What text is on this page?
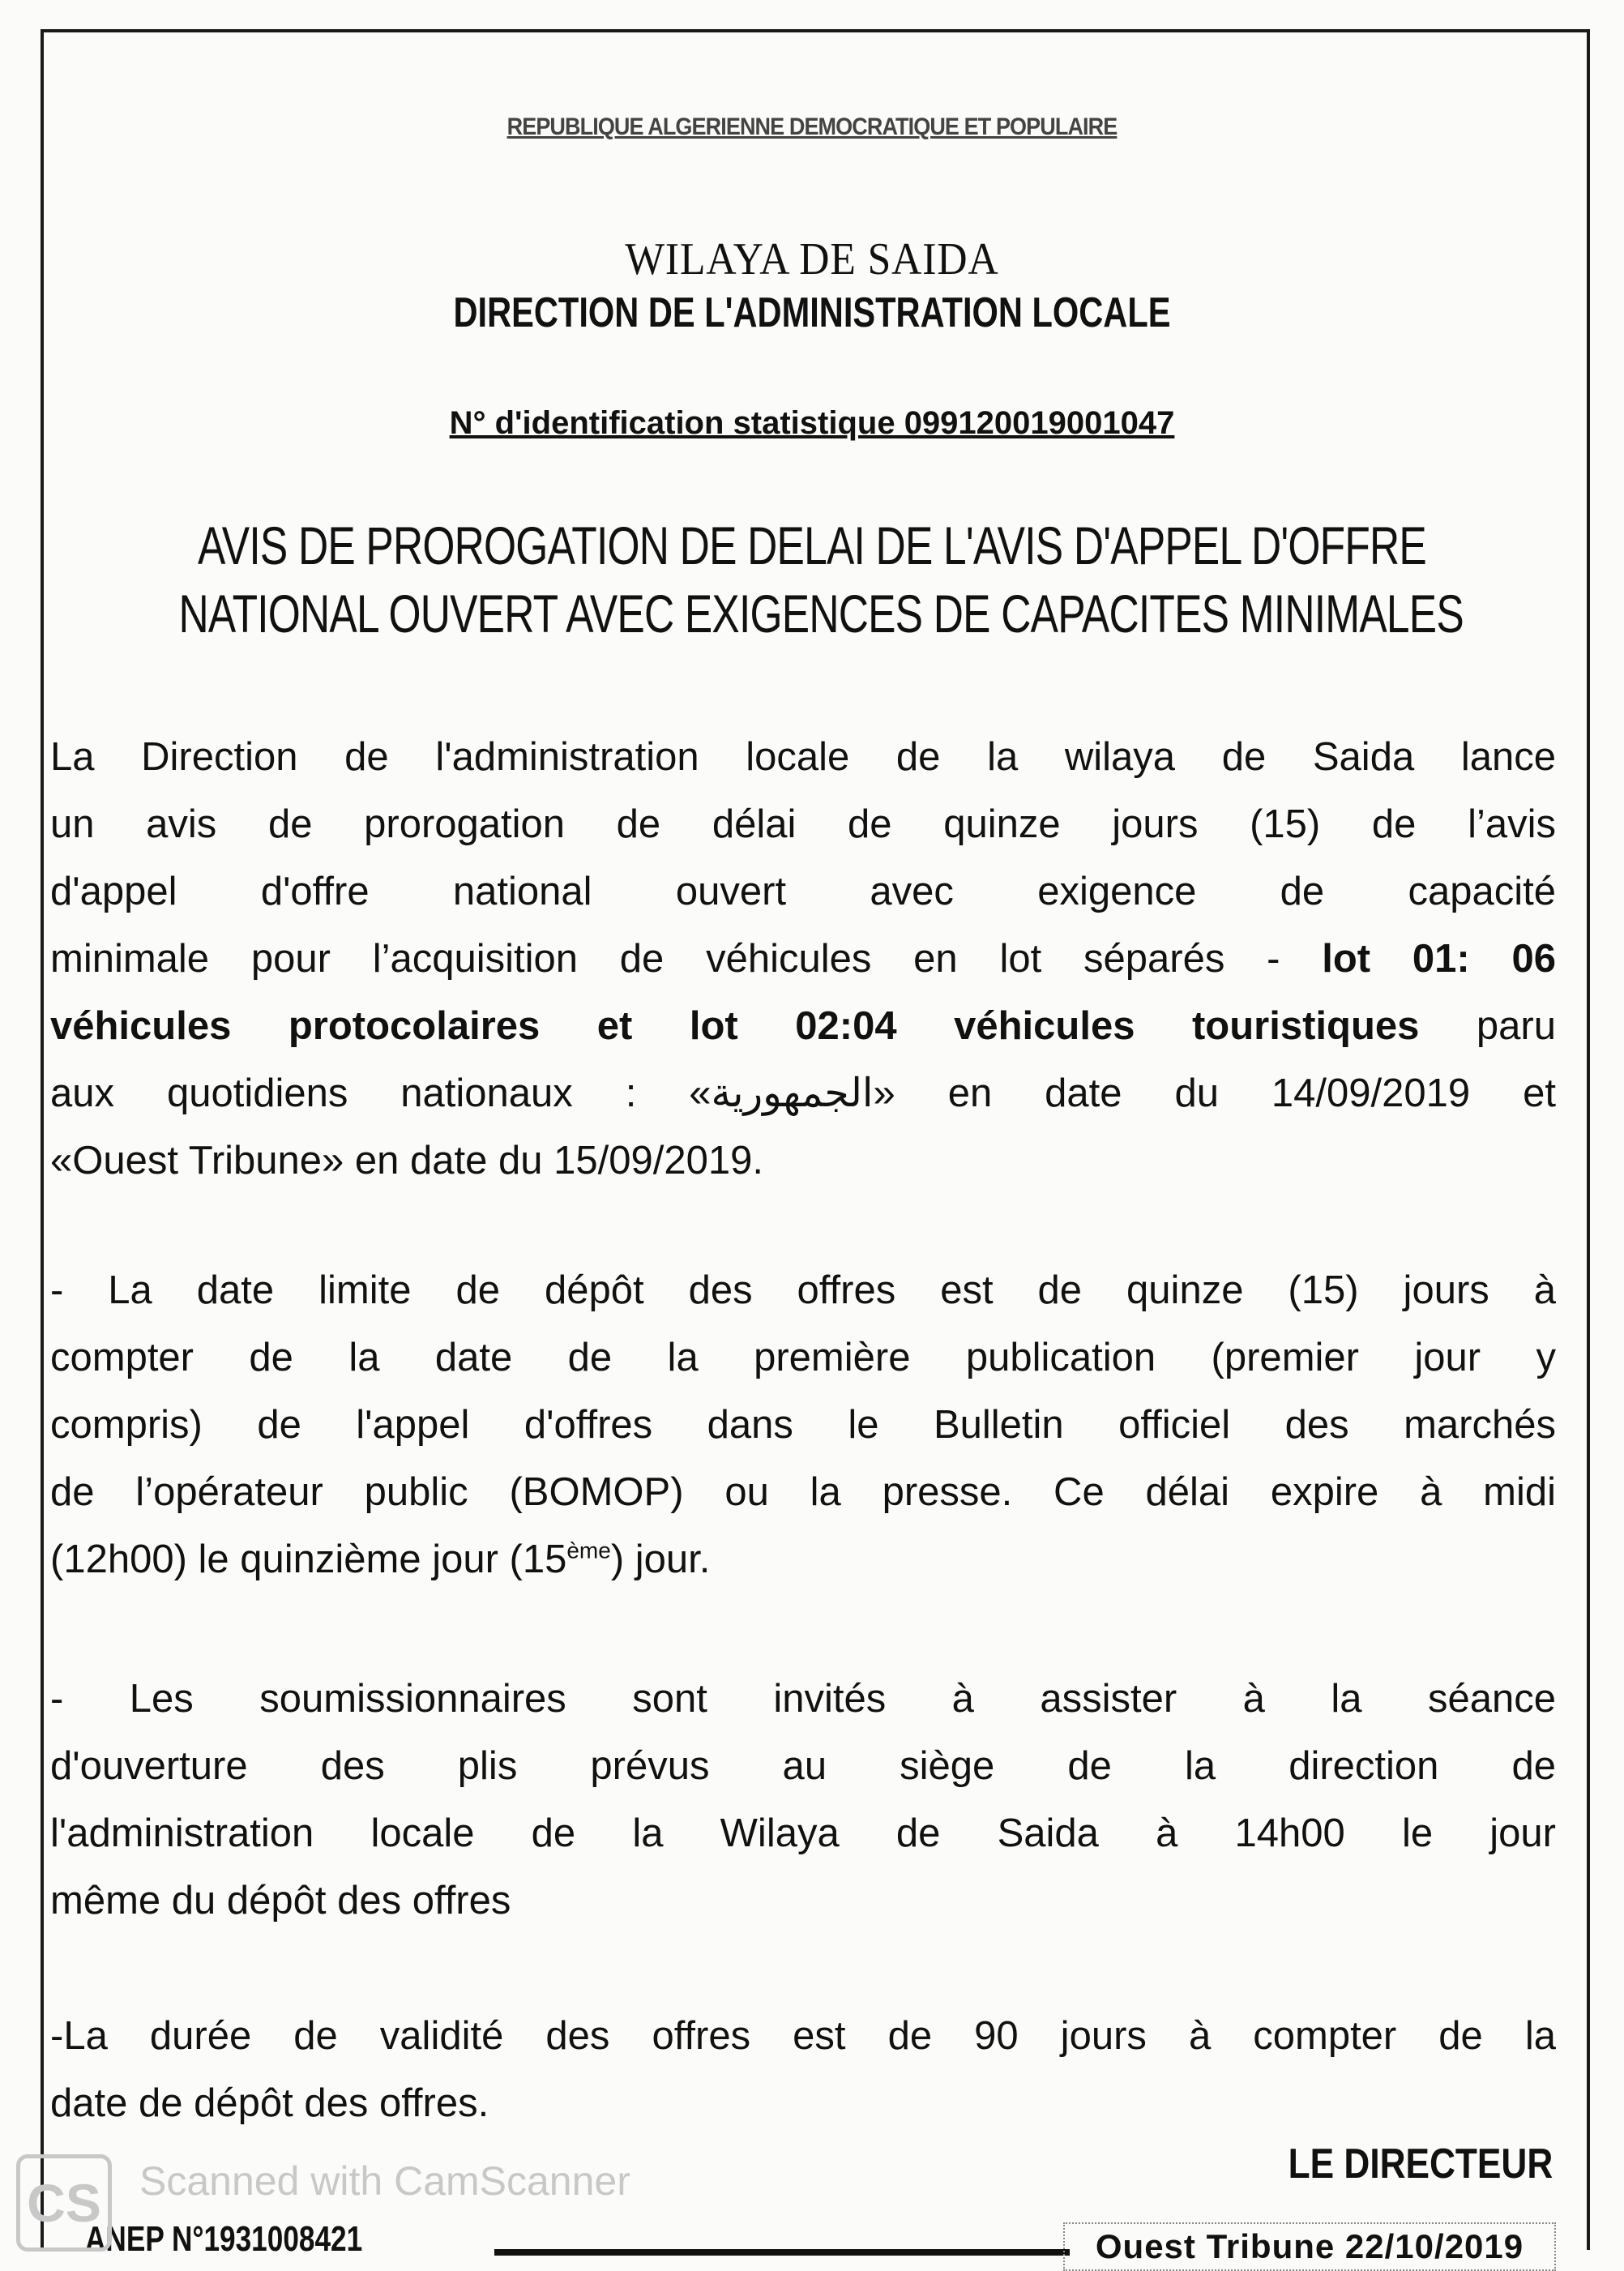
REPUBLIQUE ALGERIENNE DEMOCRATIQUE ET POPULAIRE
WILAYA DE SAIDA
DIRECTION DE L'ADMINISTRATION LOCALE
N° d'identification statistique 099120019001047
AVIS DE PROROGATION DE DELAI DE L'AVIS D'APPEL D'OFFRE
NATIONAL OUVERT AVEC EXIGENCES DE CAPACITES MINIMALES
La Direction de l'administration locale de la wilaya de Saida lance
un avis de prorogation de délai de quinze jours (15) de l’avis
d'appel d'offre national ouvert avec exigence de capacité
minimale pour l’acquisition de véhicules en lot séparés - lot 01: 06
véhicules protocolaires et lot 02:04 véhicules touristiques paru
aux quotidiens nationaux : «الجمهورية» en date du 14/09/2019 et
«Ouest Tribune» en date du 15/09/2019.
- La date limite de dépôt des offres est de quinze (15) jours à
compter de la date de la première publication (premier jour y
compris) de l'appel d'offres dans le Bulletin officiel des marchés
de l’opérateur public (BOMOP) ou la presse. Ce délai expire à midi
(12h00) le quinzième jour (15ème) jour.
- Les soumissionnaires sont invités à assister à la séance
d'ouverture des plis prévus au siège de la direction de
l'administration locale de la Wilaya de Saida à 14h00 le jour
même du dépôt des offres
-La durée de validité des offres est de 90 jours à compter de la
date de dépôt des offres.
LE DIRECTEUR
ANEP N°1931008421	Ouest Tribune 22/10/2019
CS Scanned with CamScanner
